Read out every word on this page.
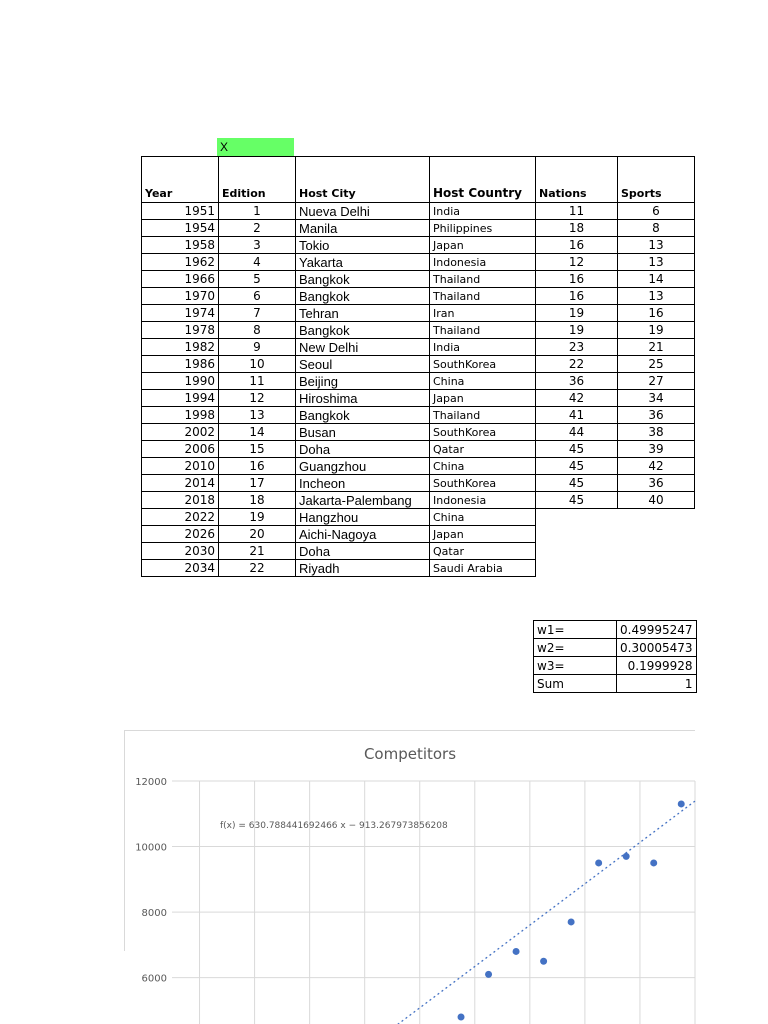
X
Year	Edition	Host City	Host Country	Nations	Sports
1951	1	Nueva Delhi	India	11	6
1954	2	Manila	Philippines	18	8
1958	3	Tokio	Japan	16	13
1962	4	Yakarta	Indonesia	12	13
1966	5	Bangkok	Thailand	16	14
1970	6	Bangkok	Thailand	16	13
1974	7	Tehran	Iran	19	16
1978	8	Bangkok	Thailand	19	19
1982	9	New Delhi	India	23	21
1986	10	Seoul	SouthKorea	22	25
1990	11	Beijing	China	36	27
1994	12	Hiroshima	Japan	42	34
1998	13	Bangkok	Thailand	41	36
2002	14	Busan	SouthKorea	44	38
2006	15	Doha	Qatar	45	39
2010	16	Guangzhou	China	45	42
2014	17	Incheon	SouthKorea	45	36
2018	18	Jakarta-Palembang	Indonesia	45	40
2022	19	Hangzhou	China		
2026	20	Aichi-Nagoya	Japan		
2030	21	Doha	Qatar		
2034	22	Riyadh	Saudi Arabia		
w1=	0.49995247
w2=	0.30005473
w3=	0.1999928
Sum	1
Competitors
6000
8000
10000
12000
f(x) = 630.788441692466 x − 913.267973856208
